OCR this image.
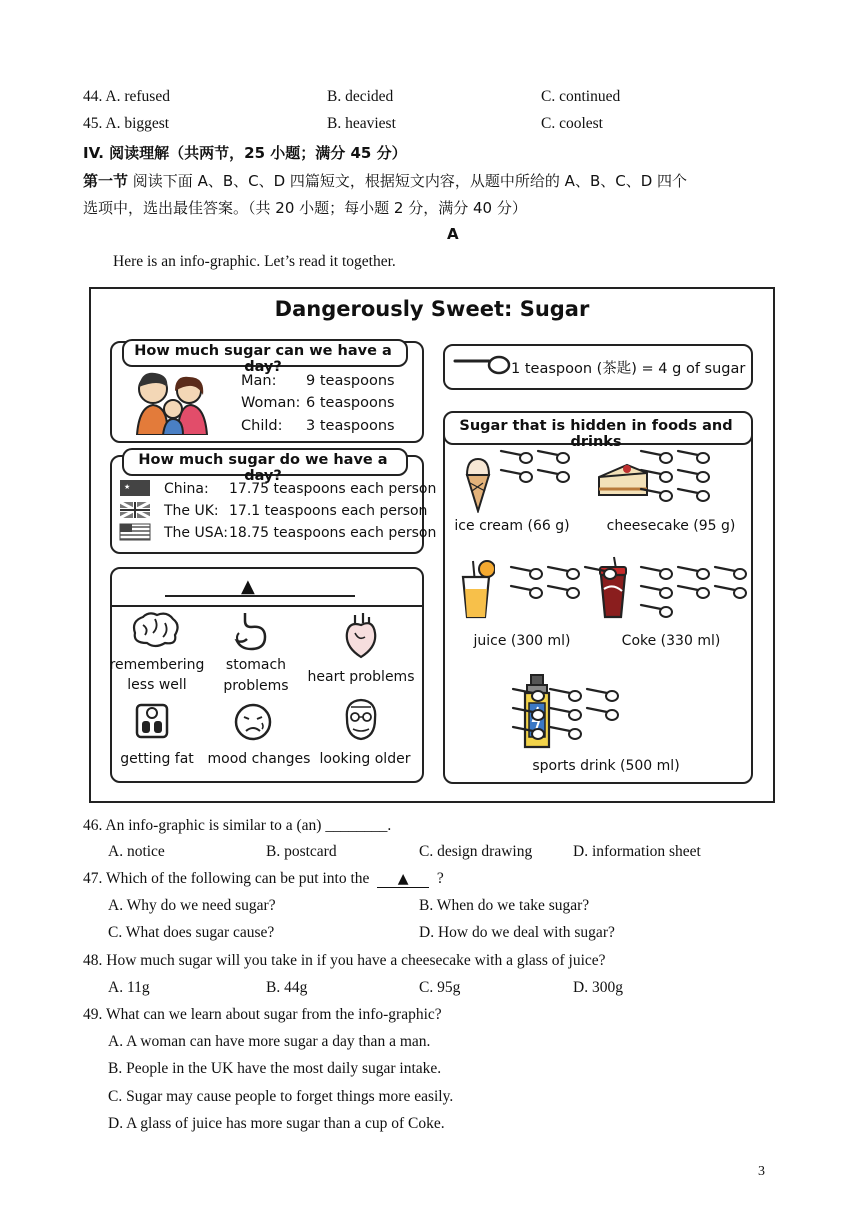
44. A. refused	B. decided	C. continued
45. A. biggest	B. heaviest	C. coolest
IV. 阅读理解（共两节，25 小题；满分 45 分）
第一节 阅读下面 A、B、C、D 四篇短文，根据短文内容，从题中所给的 A、B、C、D 四个
选项中，选出最佳答案。（共 20 小题；每小题 2 分，满分 40 分）
A
Here is an info-graphic. Let’s read it together.
Dangerously Sweet: Sugar
How much sugar can we have a day?
Man: 9 teaspoons
Woman: 6 teaspoons
Child: 3 teaspoons
How much sugar do we have a day?
★ China: 17.75 teaspoons each person
The UK: 17.1 teaspoons each person
The USA: 18.75 teaspoons each person
▲
remembering
less well
stomach
problems
heart problems
getting fat mood changes looking older
1 teaspoon (茶匙) = 4 g of sugar
Sugar that is hidden in foods and drinks
ice cream (66 g)	cheesecake (95 g)
juice (300 ml)	Coke (330 ml)
sports drink (500 ml)
46. An info-graphic is similar to a (an) ________.
A. notice	B. postcard	C. design drawing	D. information sheet
47. Which of the following can be put into the ▲ ?
A. Why do we need sugar?	B. When do we take sugar?
C. What does sugar cause?	D. How do we deal with sugar?
48. How much sugar will you take in if you have a cheesecake with a glass of juice?
A. 11g	B. 44g	C. 95g	D. 300g
49. What can we learn about sugar from the info-graphic?
A. A woman can have more sugar a day than a man.
B. People in the UK have the most daily sugar intake.
C. Sugar may cause people to forget things more easily.
D. A glass of juice has more sugar than a cup of Coke.
3
